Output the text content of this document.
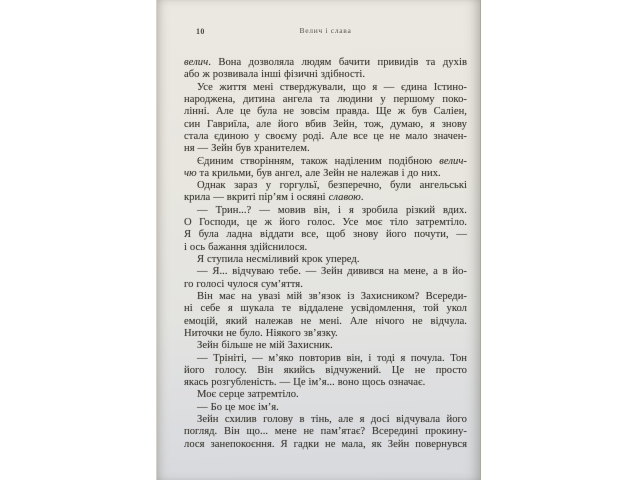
10	Велич і слава
велич. Вона дозволяла людям бачити привидів та духів
або ж розвивала інші фізичні здібності.
Усе життя мені стверджували, що я — єдина Істино-
народжена, дитина ангела та людини у першому поко-
лінні. Але це була не зовсім правда. Ще ж був Саліен,
син Гавриїла, але його вбив Зейн, тож, думаю, я знову
стала єдиною у своєму роді. Але все це не мало значен-
ня — Зейн був хранителем.
Єдиним створінням, також наділеним подібною велич-
чю та крильми, був ангел, але Зейн не належав і до них.
Однак зараз у горгульї, безперечно, були ангельські
крила — вкриті пір’ям і осяяні славою.
— Трин...? — мовив він, і я зробила різкий вдих.
О Господи, це ж його голос. Усе моє тіло затремтіло.
Я була ладна віддати все, щоб знову його почути, —
і ось бажання здійснилося.
Я ступила несміливий крок уперед.
— Я... відчуваю тебе. — Зейн дивився на мене, а в йо-
го голосі чулося сум’яття.
Він має на увазі мій зв’язок із Захисником? Всереди-
ні себе я шукала те віддалене усвідомлення, той укол
емоцій, який належав не мені. Але нічого не відчула.
Ниточки не було. Ніякого зв’язку.
Зейн більше не мій Захисник.
— Трініті, — м’яко повторив він, і тоді я почула. Тон
його голосу. Він якийсь відчужений. Це не просто
якась розгубленість. — Це ім’я... воно щось означає.
Моє серце затремтіло.
— Бо це моє ім’я.
Зейн схилив голову в тінь, але я досі відчувала його
погляд. Він що... мене не пам’ятає? Всередині прокину-
лося занепокоєння. Я гадки не мала, як Зейн повернувся
